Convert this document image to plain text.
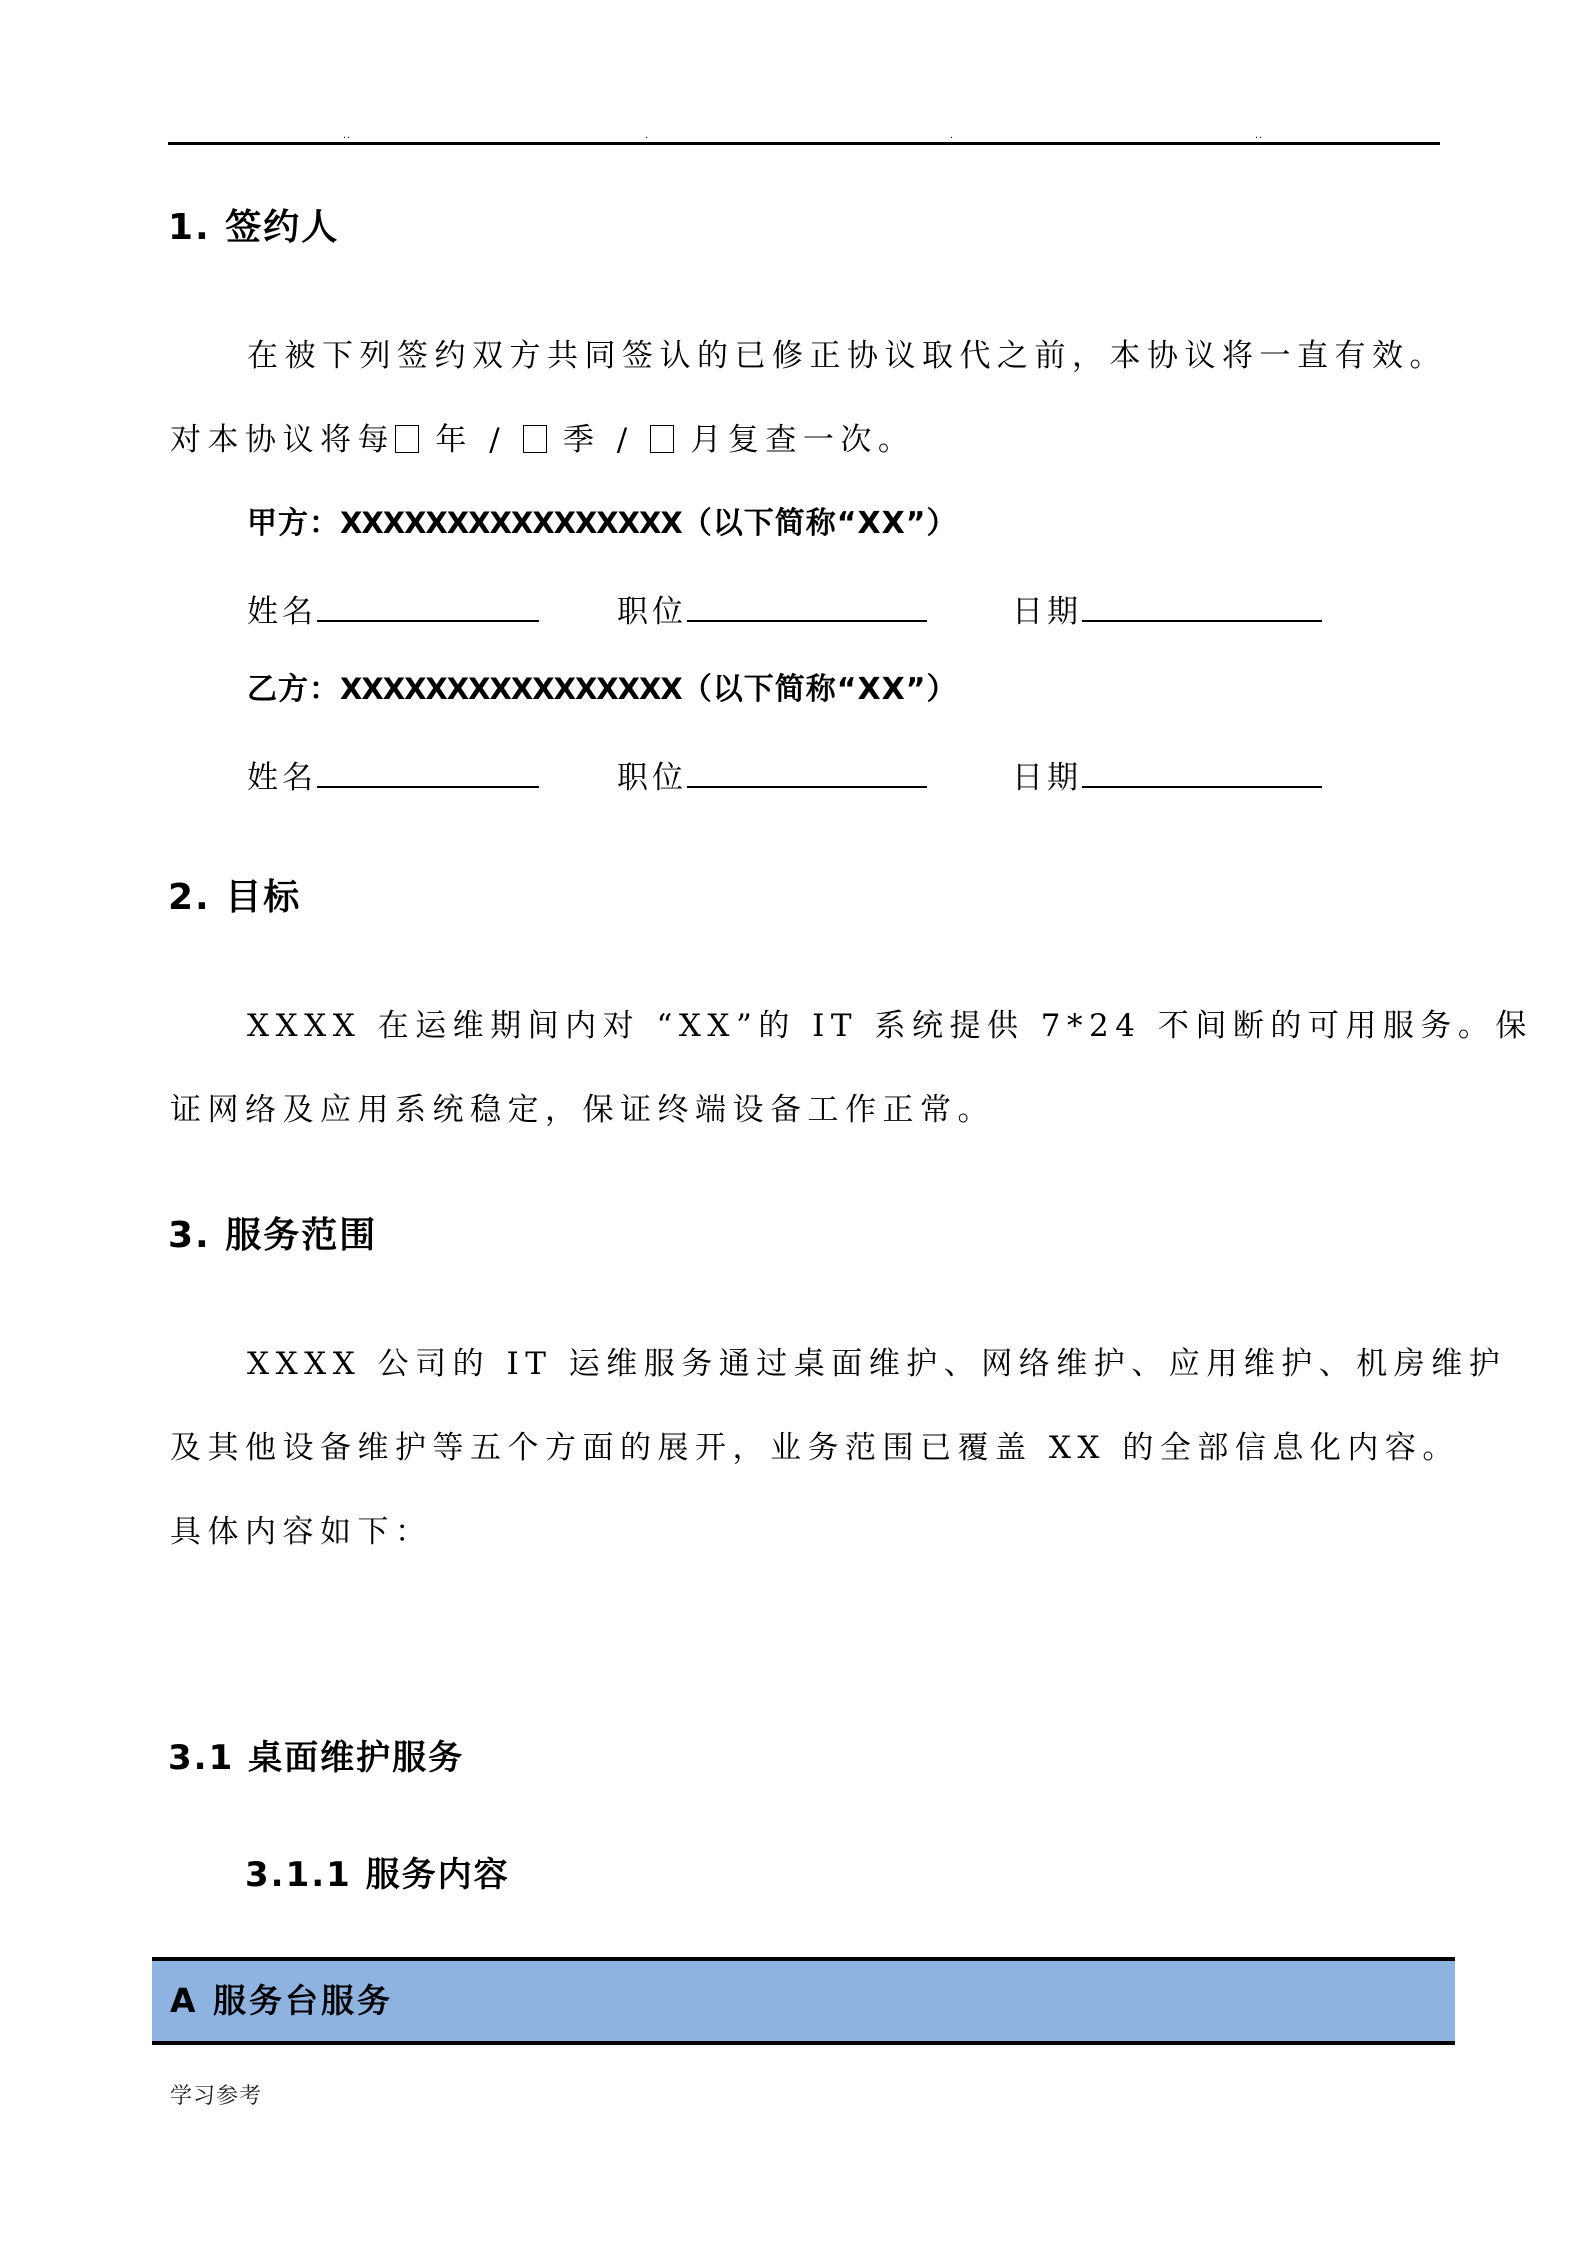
..	.	.	..
1. 签约人
在被下列签约双方共同签认的已修正协议取代之前，本协议将一直有效。
对本协议将每 年 / 季 / 月复查一次。
甲方：XXXXXXXXXXXXXXXX（以下简称“XX”）
姓名	职位	日期
乙方：XXXXXXXXXXXXXXXX（以下简称“XX”）
姓名	职位	日期
2. 目标
XXXX 在运维期间内对 “XX”的 IT 系统提供 7*24 不间断的可用服务。保
证网络及应用系统稳定，保证终端设备工作正常。
3. 服务范围
XXXX 公司的 IT 运维服务通过桌面维护、网络维护、应用维护、机房维护
及其他设备维护等五个方面的展开，业务范围已覆盖 XX 的全部信息化内容。
具体内容如下：
3.1 桌面维护服务
3.1.1 服务内容
A 服务台服务
学习参考
